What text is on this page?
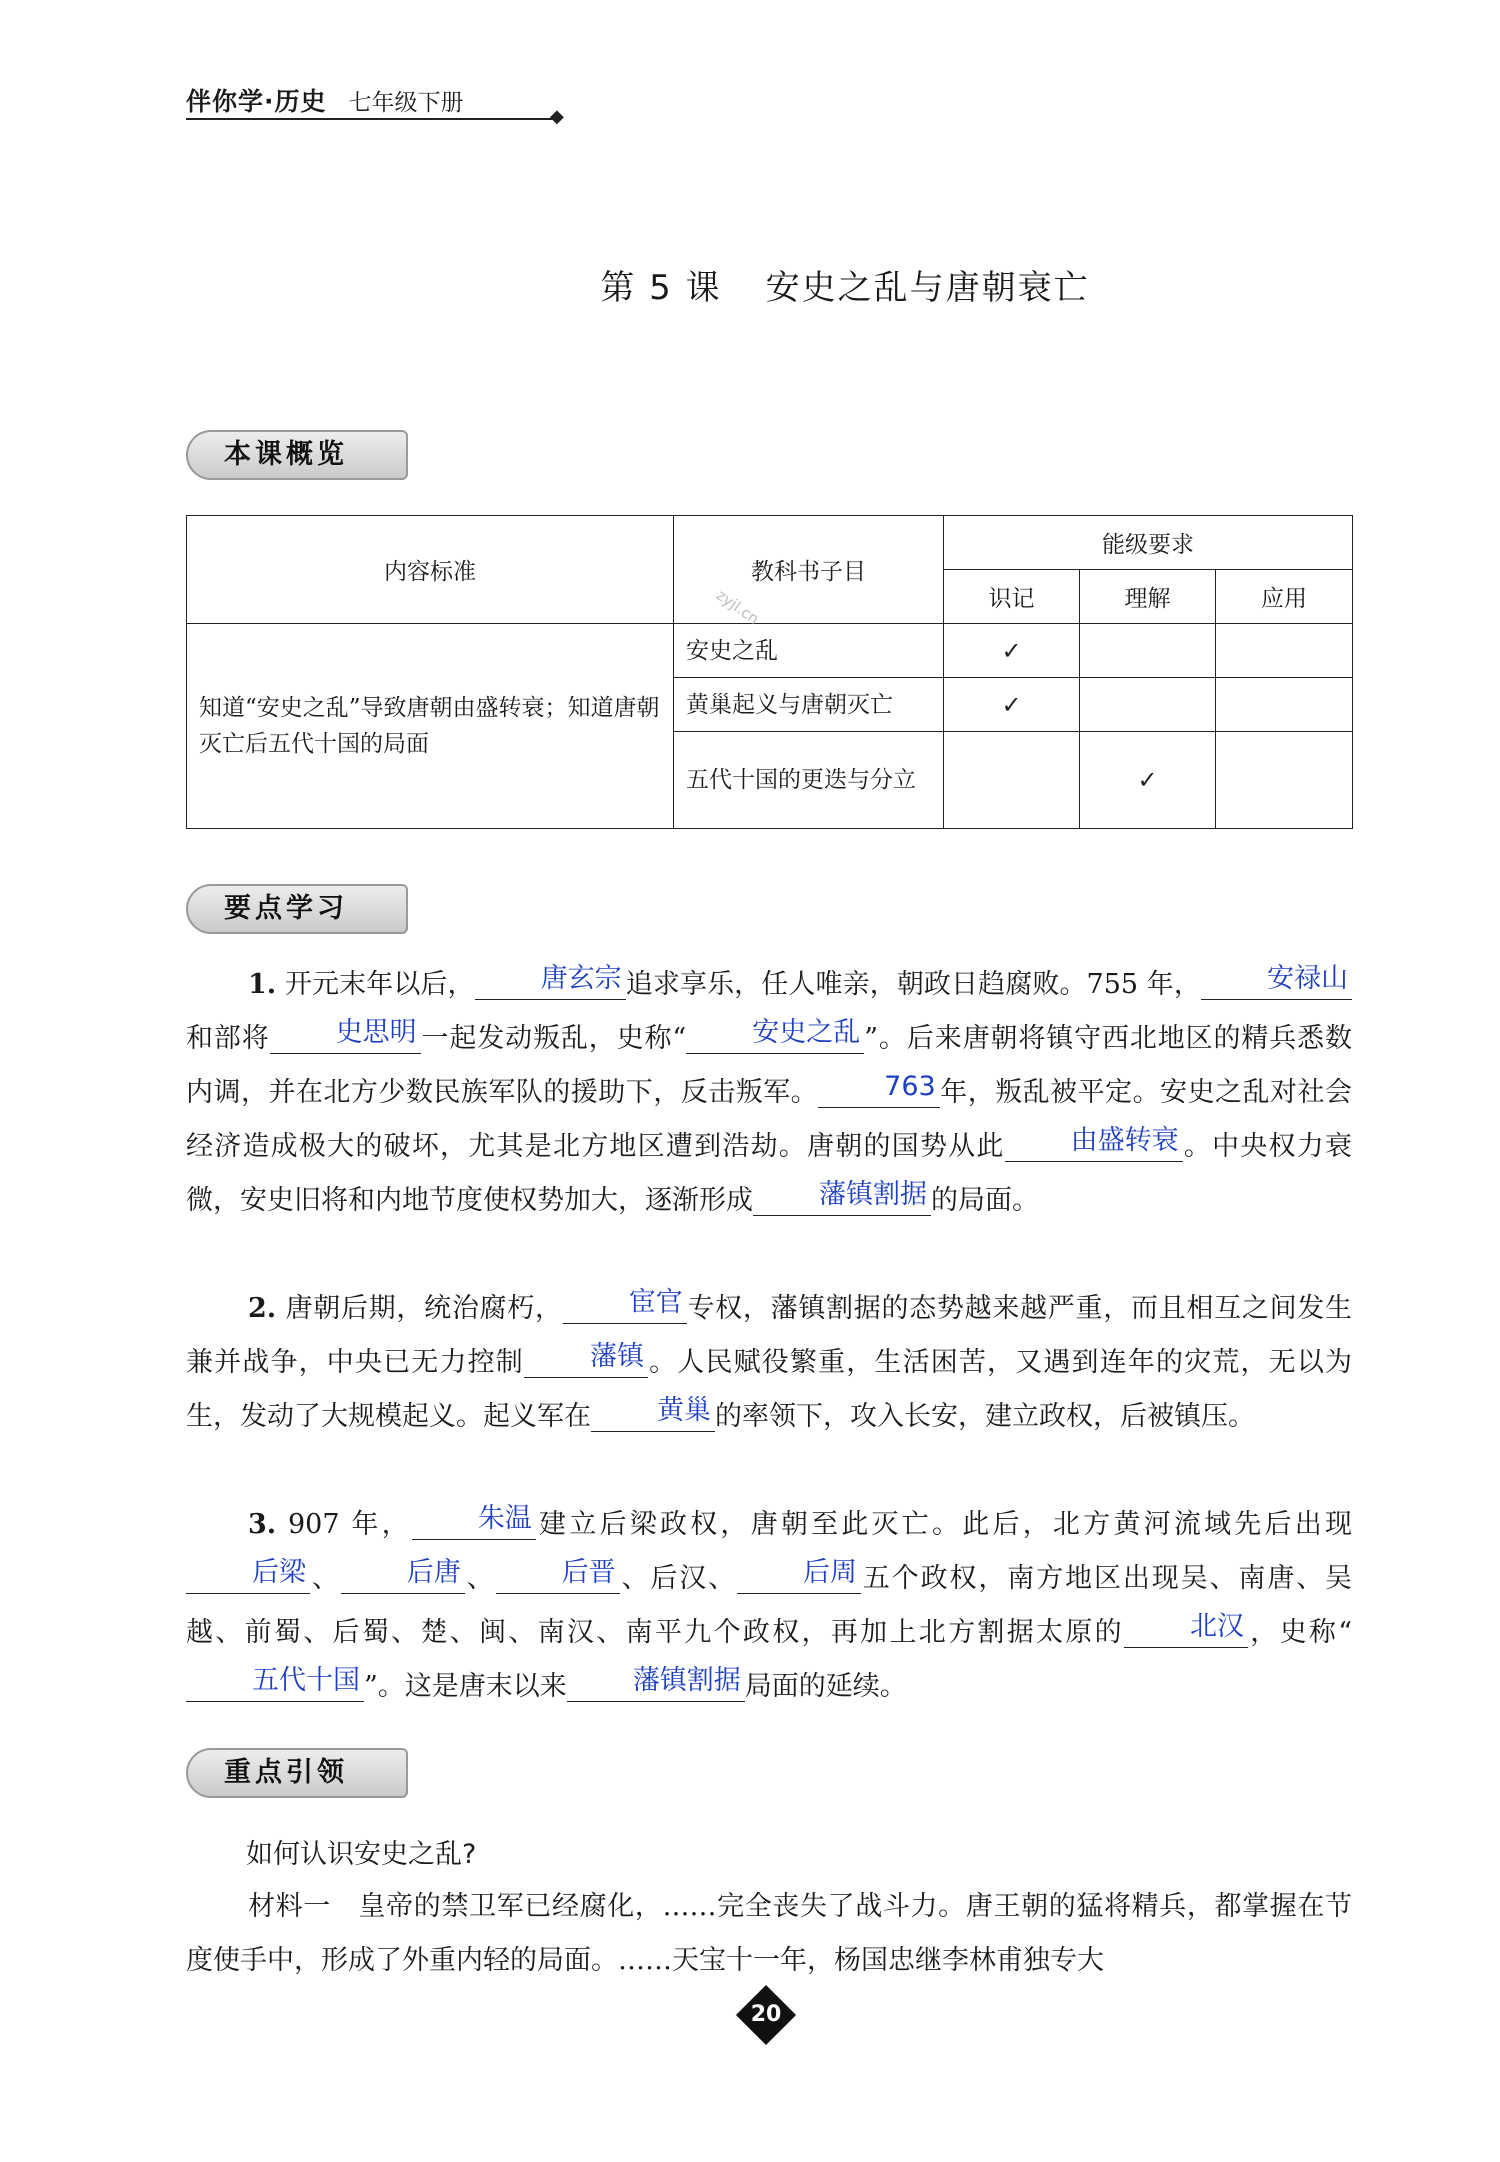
伴你学·历史 七年级下册
◆
第 5 课 安史之乱与唐朝衰亡
本课概览
内容标准	教科书子目	能级要求		
		识记	理解	应用
知道“安史之乱”导致唐朝由盛转衰；知道唐朝灭亡后五代十国的局面	安史之乱	✓		
	黄巢起义与唐朝灭亡	✓		
	五代十国的更迭与分立		✓	
zyjl.cn
要点学习
1. 开元末年以后， 唐玄宗 追求享乐，任人唯亲，朝政日趋腐败。755 年， 安禄山和部将 史思明 一起发动叛乱，史称“ 安史之乱 ”。后来唐朝将镇守西北地区的精兵悉数内调，并在北方少数民族军队的援助下，反击叛军。 763 年，叛乱被平定。安史之乱对社会经济造成极大的破坏，尤其是北方地区遭到浩劫。唐朝的国势从此 由盛转衰 。中央权力衰微，安史旧将和内地节度使权势加大，逐渐形成 藩镇割据 的局面。
2. 唐朝后期，统治腐朽， 宦官 专权，藩镇割据的态势越来越严重，而且相互之间发生兼并战争，中央已无力控制 藩镇 。人民赋役繁重，生活困苦，又遇到连年的灾荒，无以为生，发动了大规模起义。起义军在 黄巢 的率领下，攻入长安，建立政权，后被镇压。
3. 907 年， 朱温 建立后梁政权，唐朝至此灭亡。此后，北方黄河流域先后出现后梁 、 后唐 、 后晋 、后汉、 后周 五个政权，南方地区出现吴、南唐、吴越、前蜀、后蜀、楚、闽、南汉、南平九个政权，再加上北方割据太原的 北汉 ，史称“五代十国 ”。这是唐末以来 藩镇割据 局面的延续。
重点引领
如何认识安史之乱?
材料一　 皇帝的禁卫军已经腐化，……完全丧失了战斗力。唐王朝的猛将精兵，都掌握在节度使手中，形成了外重内轻的局面。……天宝十一年，杨国忠继李林甫独专大
20
